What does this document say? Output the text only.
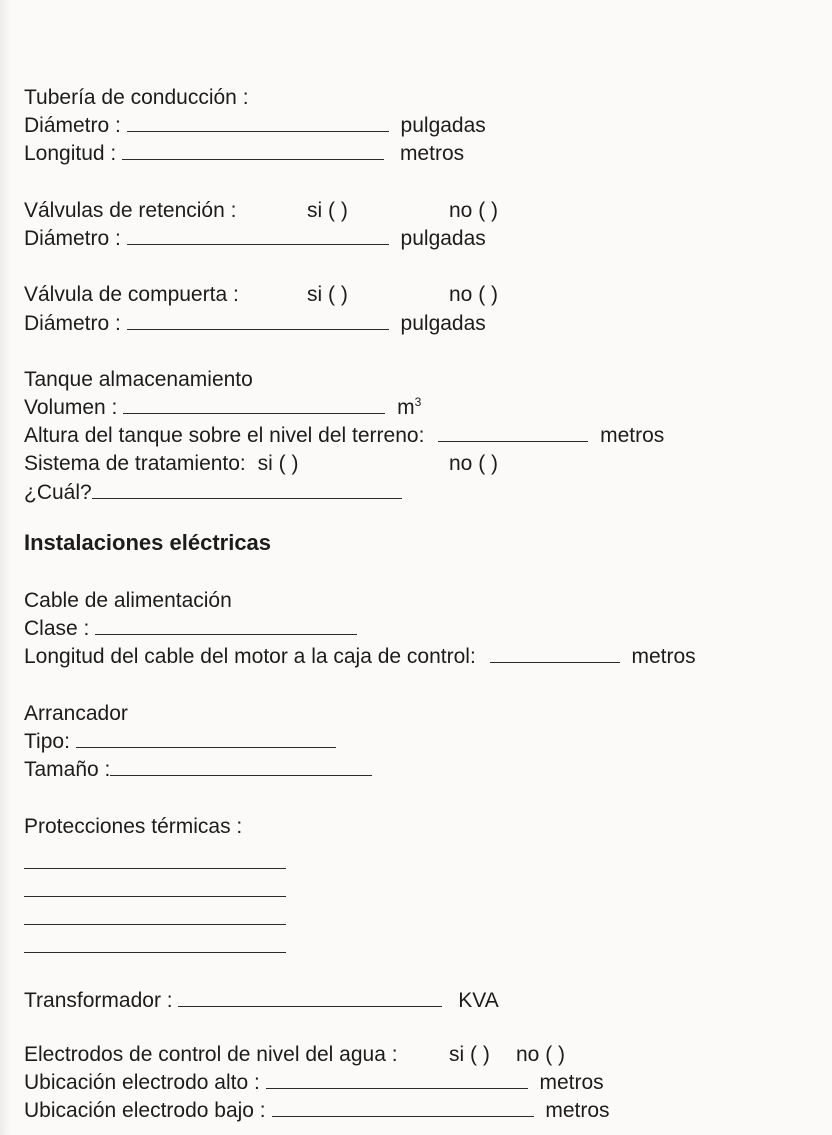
Tubería de conducción :
Diámetro :	pulgadas
Longitud :	metros
Válvulas de retención :	si ( )	no ( )
Diámetro :	pulgadas
Válvula de compuerta :	si ( )	no ( )
Diámetro :	pulgadas
Tanque almacenamiento
Volumen :	$m^3$
Altura del tanque sobre el nivel del terreno:	metros
Sistema de tratamiento: si ( )	no ( )
¿Cuál?
Instalaciones eléctricas
Cable de alimentación
Clase :
Longitud del cable del motor a la caja de control:	metros
Arrancador
Tipo:
Tamaño :
Protecciones térmicas :
Transformador :	KVA
Electrodos de control de nivel del agua : si ( ) no ( )
Ubicación electrodo alto :	metros
Ubicación electrodo bajo :	metros
